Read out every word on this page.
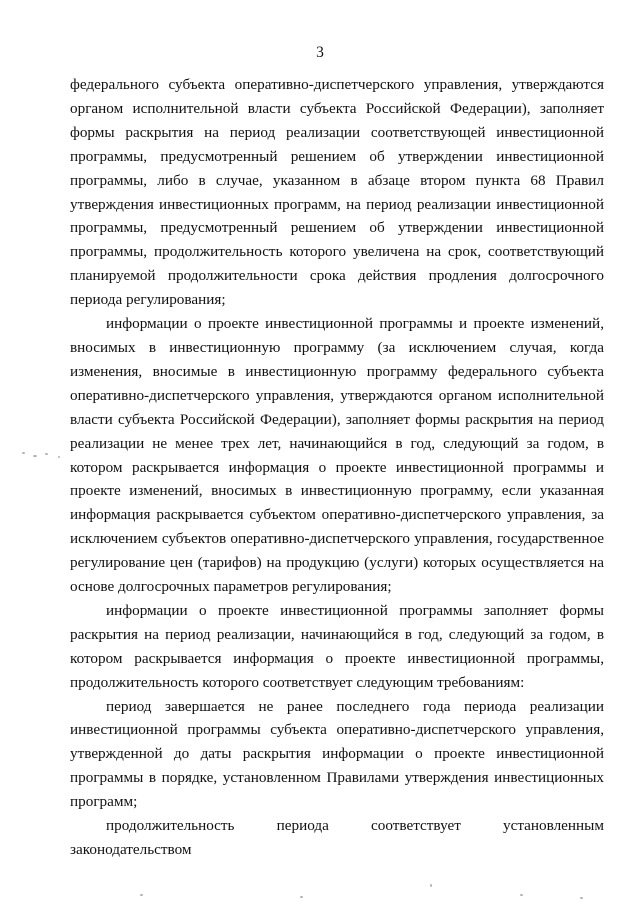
3

федерального субъекта оперативно-диспетчерского управления, утверждаются органом исполнительной власти субъекта Российской Федерации), заполняет формы раскрытия на период реализации соответствующей инвестиционной программы, предусмотренный решением об утверждении инвестиционной программы, либо в случае, указанном в абзаце втором пункта 68 Правил утверждения инвестиционных программ, на период реализации инвестиционной программы, предусмотренный решением об утверждении инвестиционной программы, продолжительность которого увеличена на срок, соответствующий планируемой продолжительности срока действия продления долгосрочного периода регулирования;

информации о проекте инвестиционной программы и проекте изменений, вносимых в инвестиционную программу (за исключением случая, когда изменения, вносимые в инвестиционную программу федерального субъекта оперативно-диспетчерского управления, утверждаются органом исполнительной власти субъекта Российской Федерации), заполняет формы раскрытия на период реализации не менее трех лет, начинающийся в год, следующий за годом, в котором раскрывается информация о проекте инвестиционной программы и проекте изменений, вносимых в инвестиционную программу, если указанная информация раскрывается субъектом оперативно-диспетчерского управления, за исключением субъектов оперативно-диспетчерского управления, государственное регулирование цен (тарифов) на продукцию (услуги) которых осуществляется на основе долгосрочных параметров регулирования;

информации о проекте инвестиционной программы заполняет формы раскрытия на период реализации, начинающийся в год, следующий за годом, в котором раскрывается информация о проекте инвестиционной программы, продолжительность которого соответствует следующим требованиям:

период завершается не ранее последнего года периода реализации инвестиционной программы субъекта оперативно-диспетчерского управления, утвержденной до даты раскрытия информации о проекте инвестиционной программы в порядке, установленном Правилами утверждения инвестиционных программ;

продолжительность периода соответствует установленным законодательством
